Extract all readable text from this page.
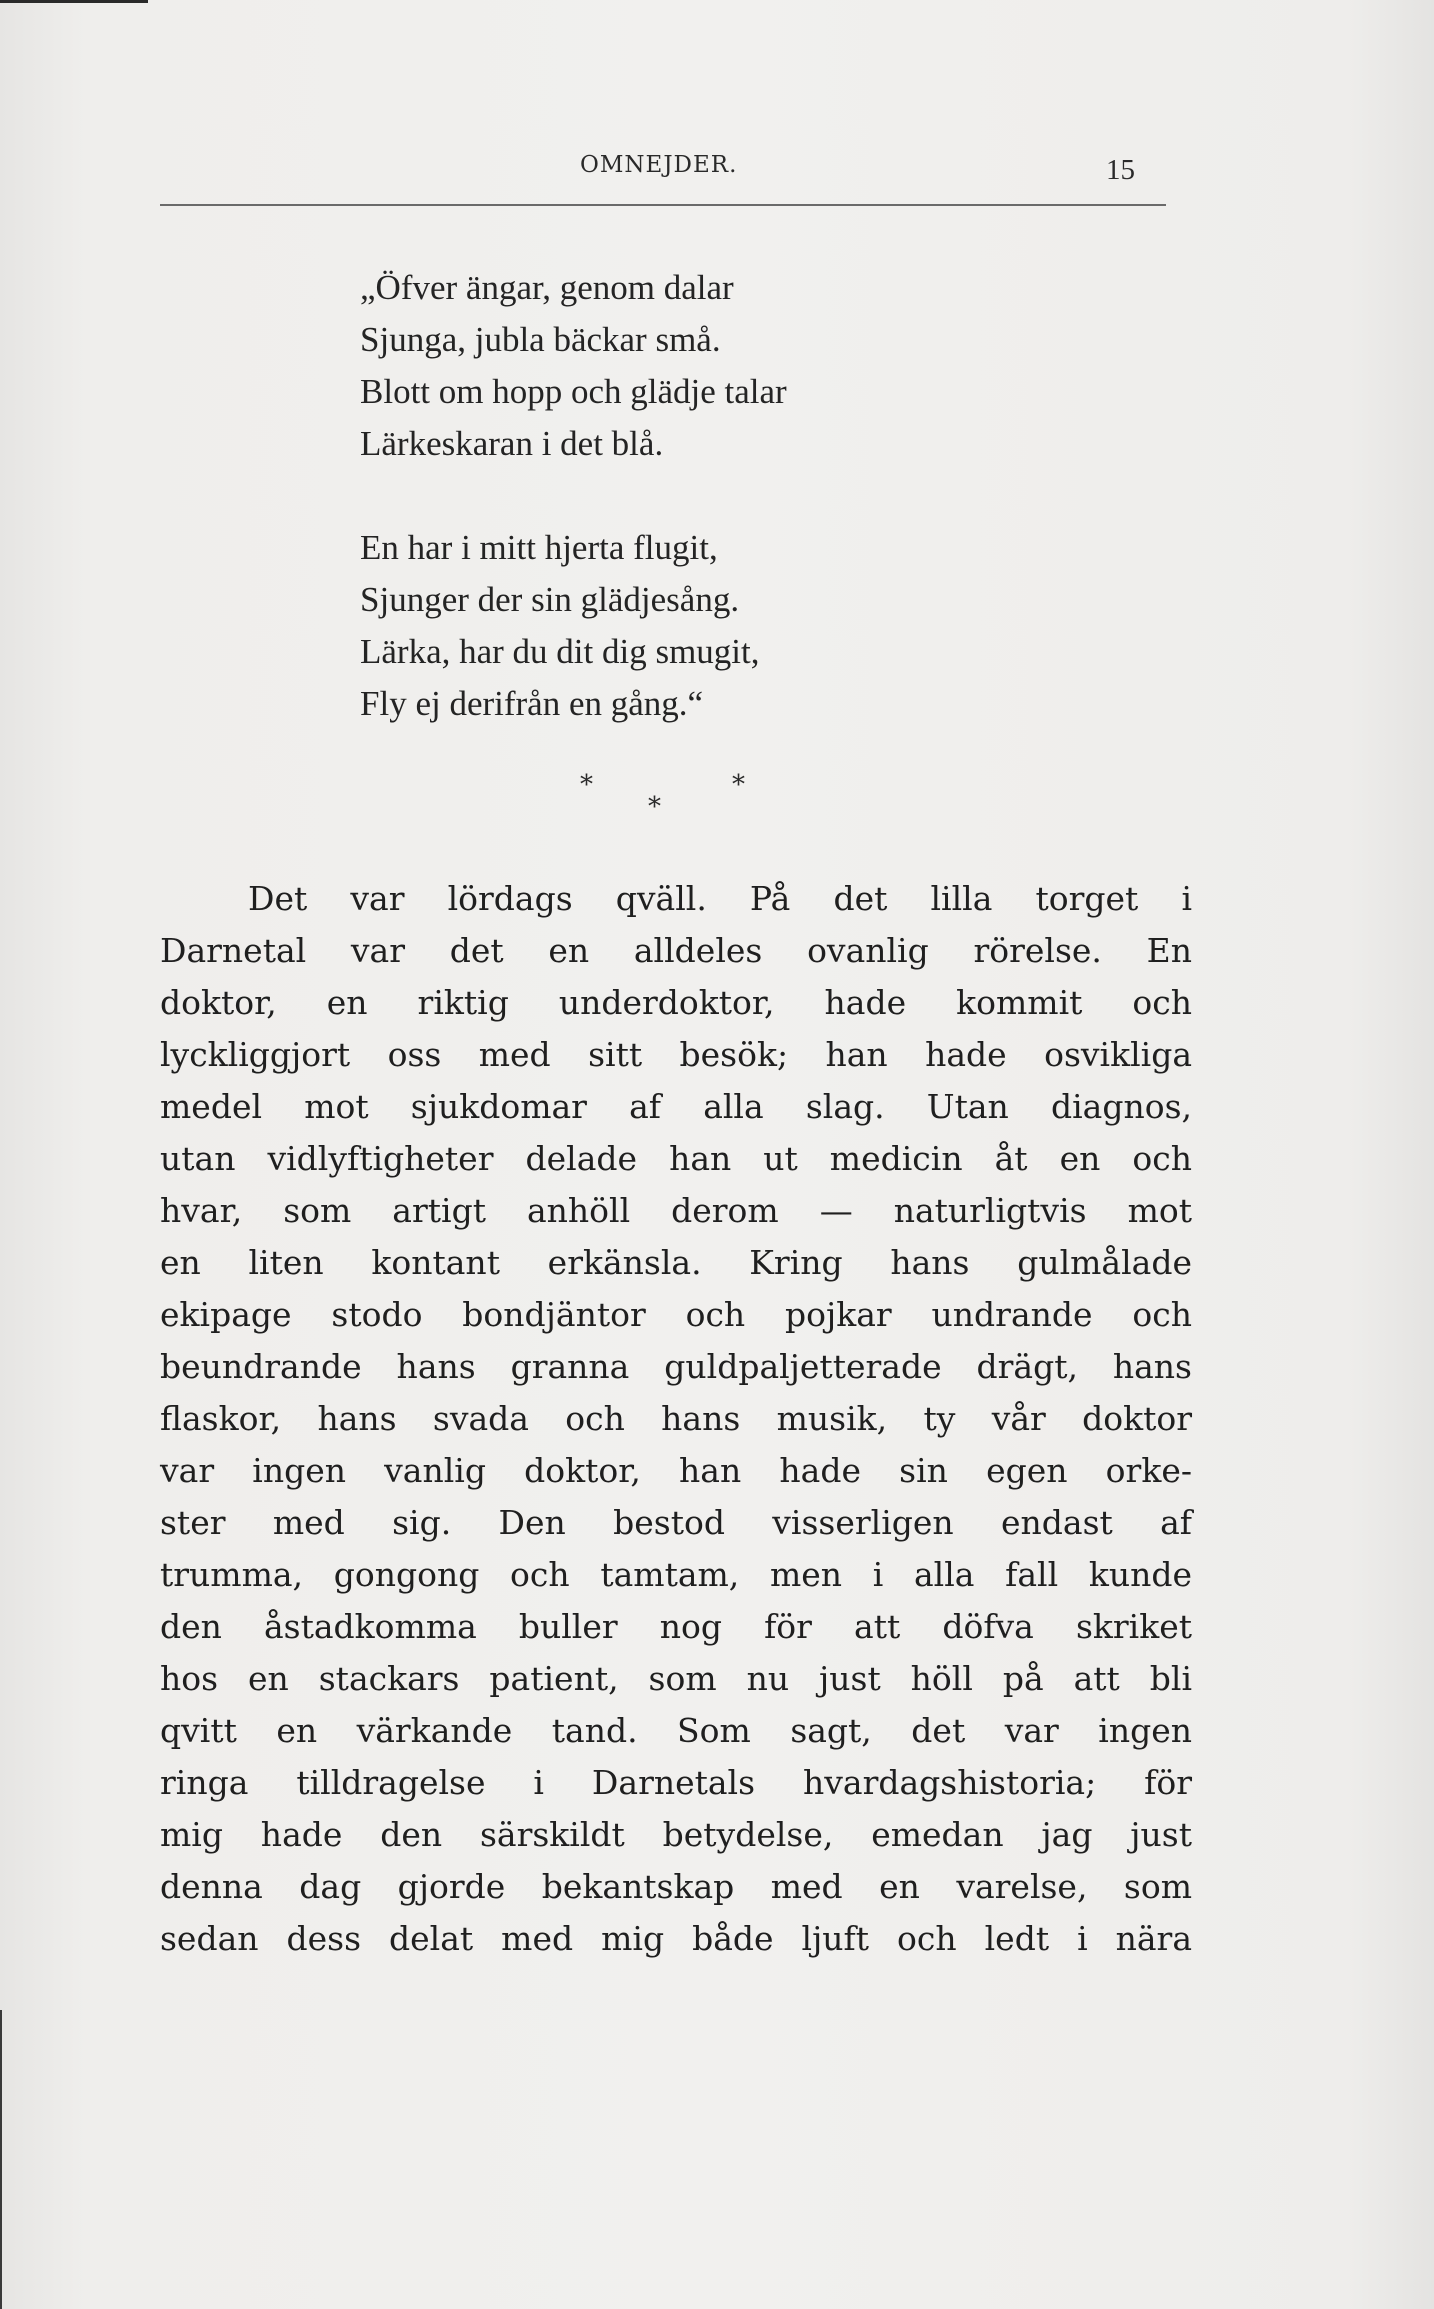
OMNEJDER.	15
„Öfver ängar, genom dalar
Sjunga, jubla bäckar små.
Blott om hopp och glädje talar
Lärkeskaran i det blå.
En har i mitt hjerta flugit,
Sjunger der sin glädjesång.
Lärka, har du dit dig smugit,
Fly ej derifrån en gång.“
*
*
*
Det var lördags qväll. På det lilla torget i
Darnetal var det en alldeles ovanlig rörelse. En
doktor, en riktig underdoktor, hade kommit och
lyckliggjort oss med sitt besök; han hade osvikliga
medel mot sjukdomar af alla slag. Utan diagnos,
utan vidlyftigheter delade han ut medicin åt en och
hvar, som artigt anhöll derom — naturligtvis mot
en liten kontant erkänsla. Kring hans gulmålade
ekipage stodo bondjäntor och pojkar undrande och
beundrande hans granna guldpaljetterade drägt, hans
flaskor, hans svada och hans musik, ty vår doktor
var ingen vanlig doktor, han hade sin egen orke-
ster med sig. Den bestod visserligen endast af
trumma, gongong och tamtam, men i alla fall kunde
den åstadkomma buller nog för att döfva skriket
hos en stackars patient, som nu just höll på att bli
qvitt en värkande tand. Som sagt, det var ingen
ringa tilldragelse i Darnetals hvardagshistoria; för
mig hade den särskildt betydelse, emedan jag just
denna dag gjorde bekantskap med en varelse, som
sedan dess delat med mig både ljuft och ledt i nära
